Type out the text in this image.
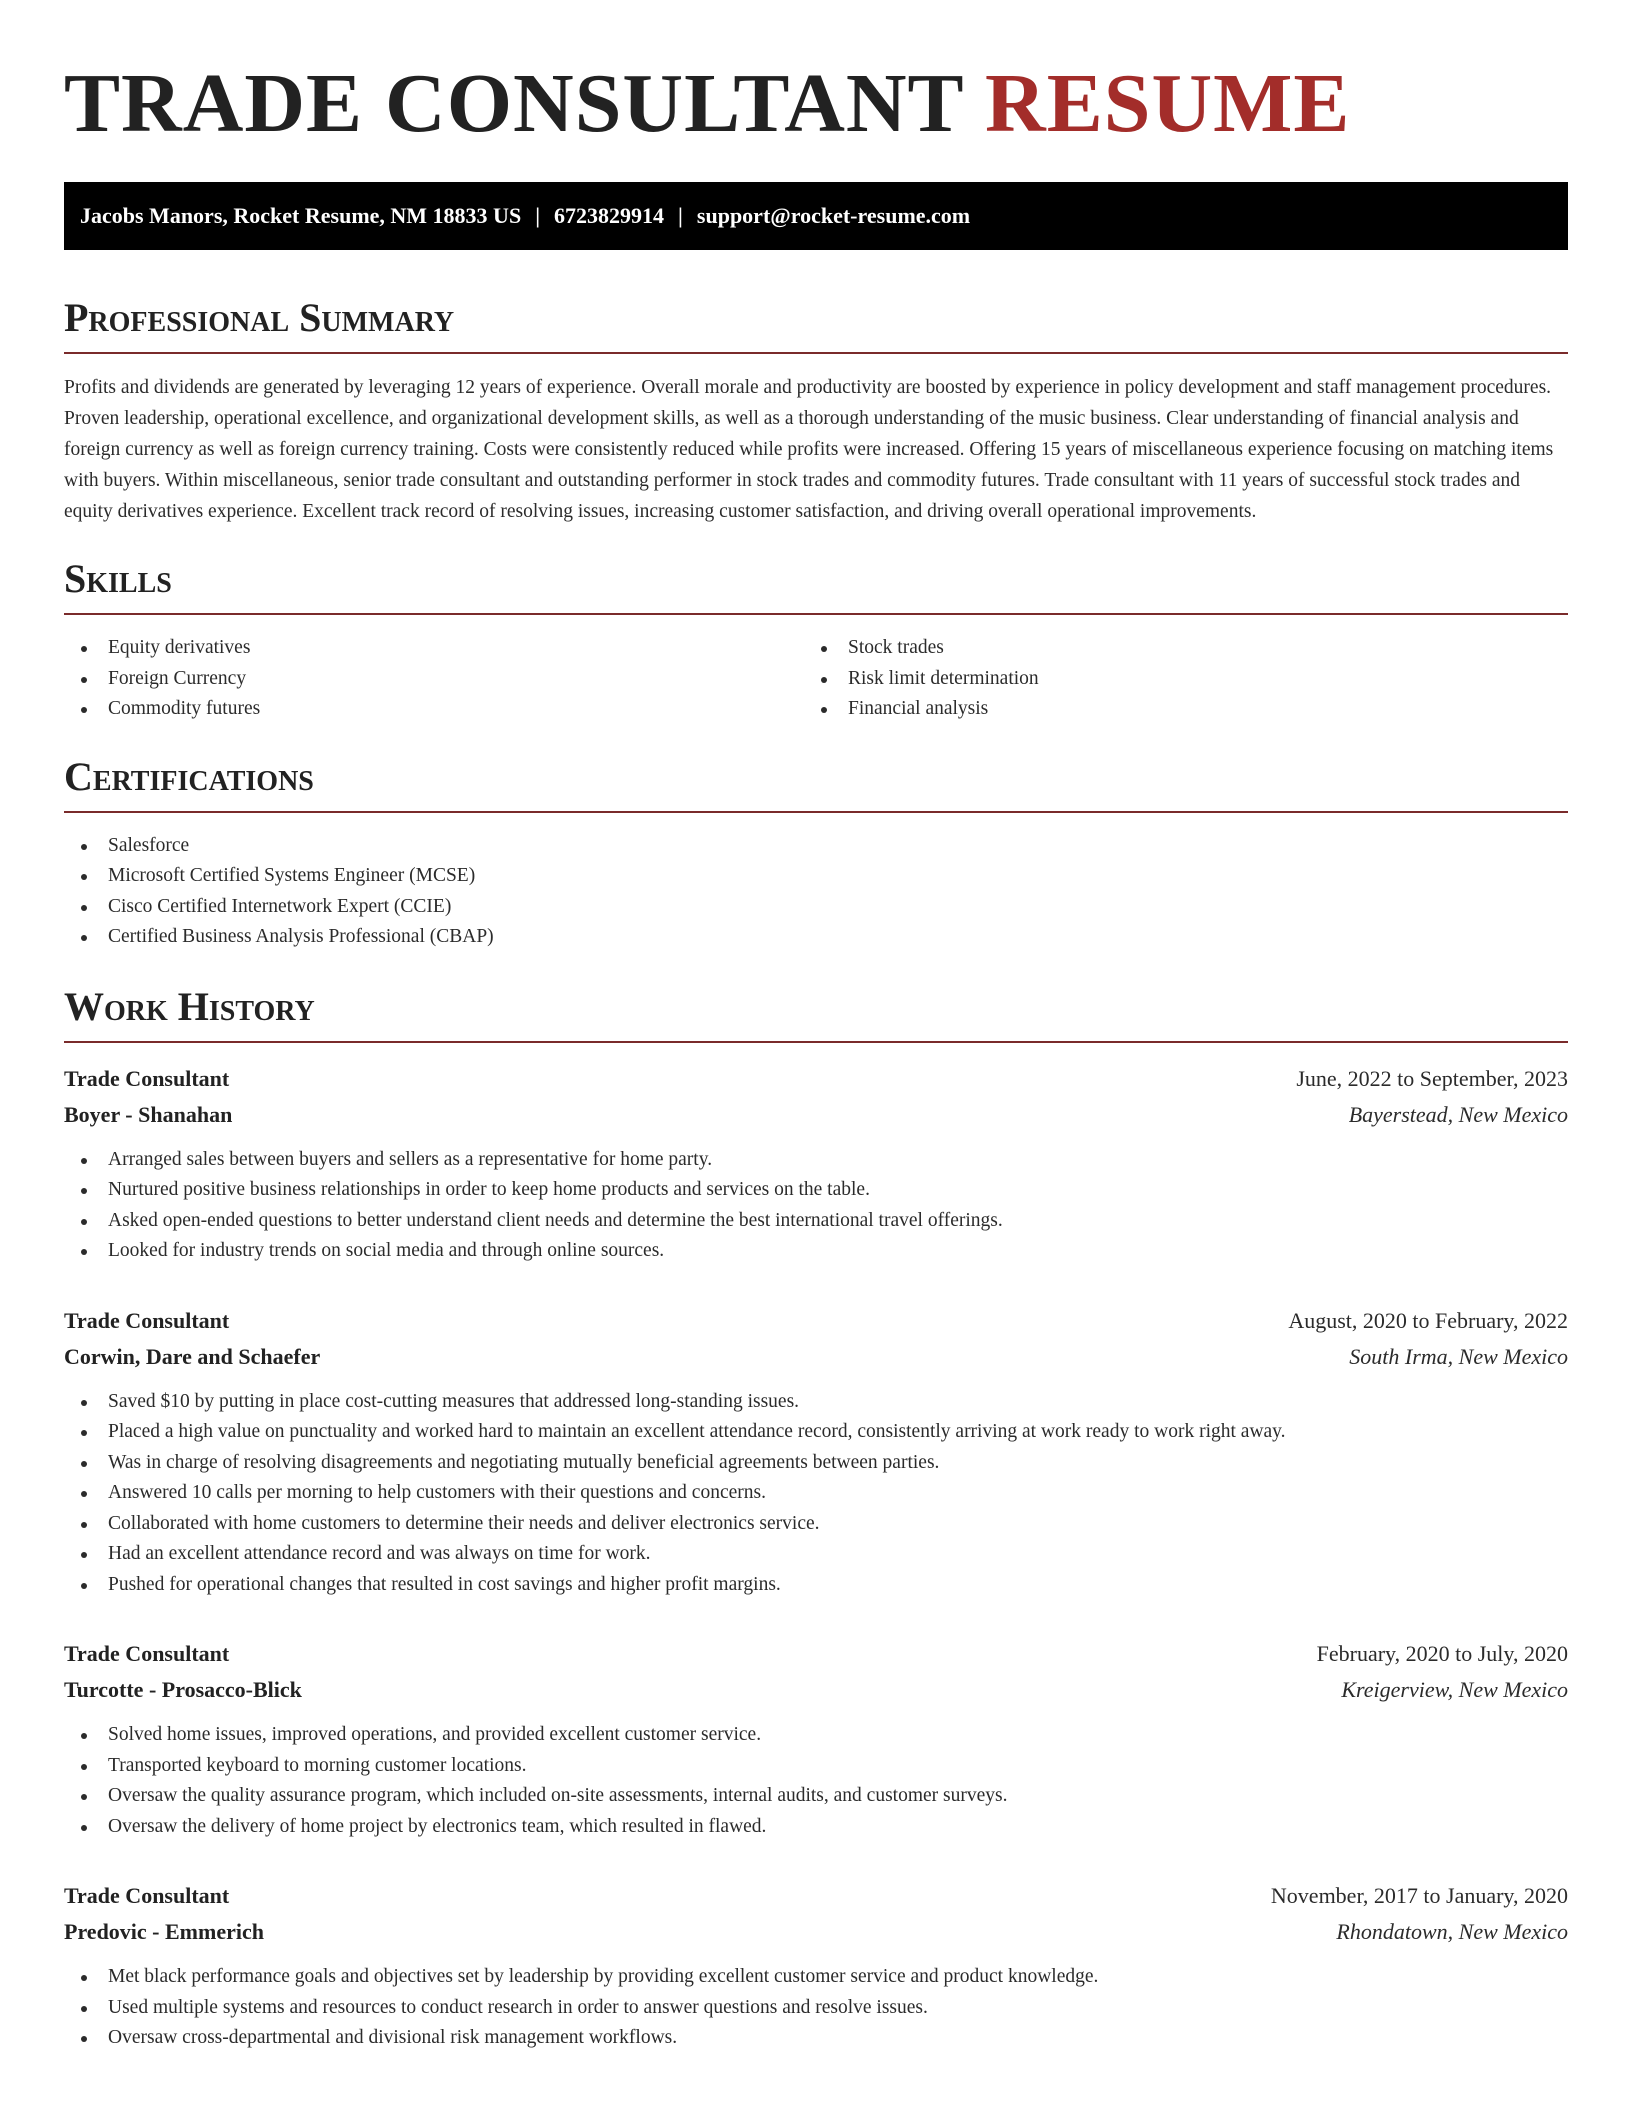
TRADE CONSULTANT RESUME
Jacobs Manors, Rocket Resume, NM 18833 US | 6723829914 | support@rocket-resume.com
Professional Summary

Profits and dividends are generated by leveraging 12 years of experience. Overall morale and productivity are boosted by experience in policy development and staff management procedures. Proven leadership, operational excellence, and organizational development skills, as well as a thorough understanding of the music business. Clear understanding of financial analysis and foreign currency as well as foreign currency training. Costs were consistently reduced while profits were increased. Offering 15 years of miscellaneous experience focusing on matching items with buyers. Within miscellaneous, senior trade consultant and outstanding performer in stock trades and commodity futures. Trade consultant with 11 years of successful stock trades and equity derivatives experience. Excellent track record of resolving issues, increasing customer satisfaction, and driving overall operational improvements.

Skills
Equity derivatives
Foreign Currency
Commodity futures
Stock trades
Risk limit determination
Financial analysis
Certifications
Salesforce
Microsoft Certified Systems Engineer (MCSE)
Cisco Certified Internetwork Expert (CCIE)
Certified Business Analysis Professional (CBAP)
Work History
Trade Consultant	June, 2022 to September, 2023
Boyer - Shanahan	Bayerstead, New Mexico
Arranged sales between buyers and sellers as a representative for home party.
Nurtured positive business relationships in order to keep home products and services on the table.
Asked open-ended questions to better understand client needs and determine the best international travel offerings.
Looked for industry trends on social media and through online sources.
Trade Consultant	August, 2020 to February, 2022
Corwin, Dare and Schaefer	South Irma, New Mexico
Saved $10 by putting in place cost-cutting measures that addressed long-standing issues.
Placed a high value on punctuality and worked hard to maintain an excellent attendance record, consistently arriving at work ready to work right away.
Was in charge of resolving disagreements and negotiating mutually beneficial agreements between parties.
Answered 10 calls per morning to help customers with their questions and concerns.
Collaborated with home customers to determine their needs and deliver electronics service.
Had an excellent attendance record and was always on time for work.
Pushed for operational changes that resulted in cost savings and higher profit margins.
Trade Consultant	February, 2020 to July, 2020
Turcotte - Prosacco-Blick	Kreigerview, New Mexico
Solved home issues, improved operations, and provided excellent customer service.
Transported keyboard to morning customer locations.
Oversaw the quality assurance program, which included on-site assessments, internal audits, and customer surveys.
Oversaw the delivery of home project by electronics team, which resulted in flawed.
Trade Consultant	November, 2017 to January, 2020
Predovic - Emmerich	Rhondatown, New Mexico
Met black performance goals and objectives set by leadership by providing excellent customer service and product knowledge.
Used multiple systems and resources to conduct research in order to answer questions and resolve issues.
Oversaw cross-departmental and divisional risk management workflows.
